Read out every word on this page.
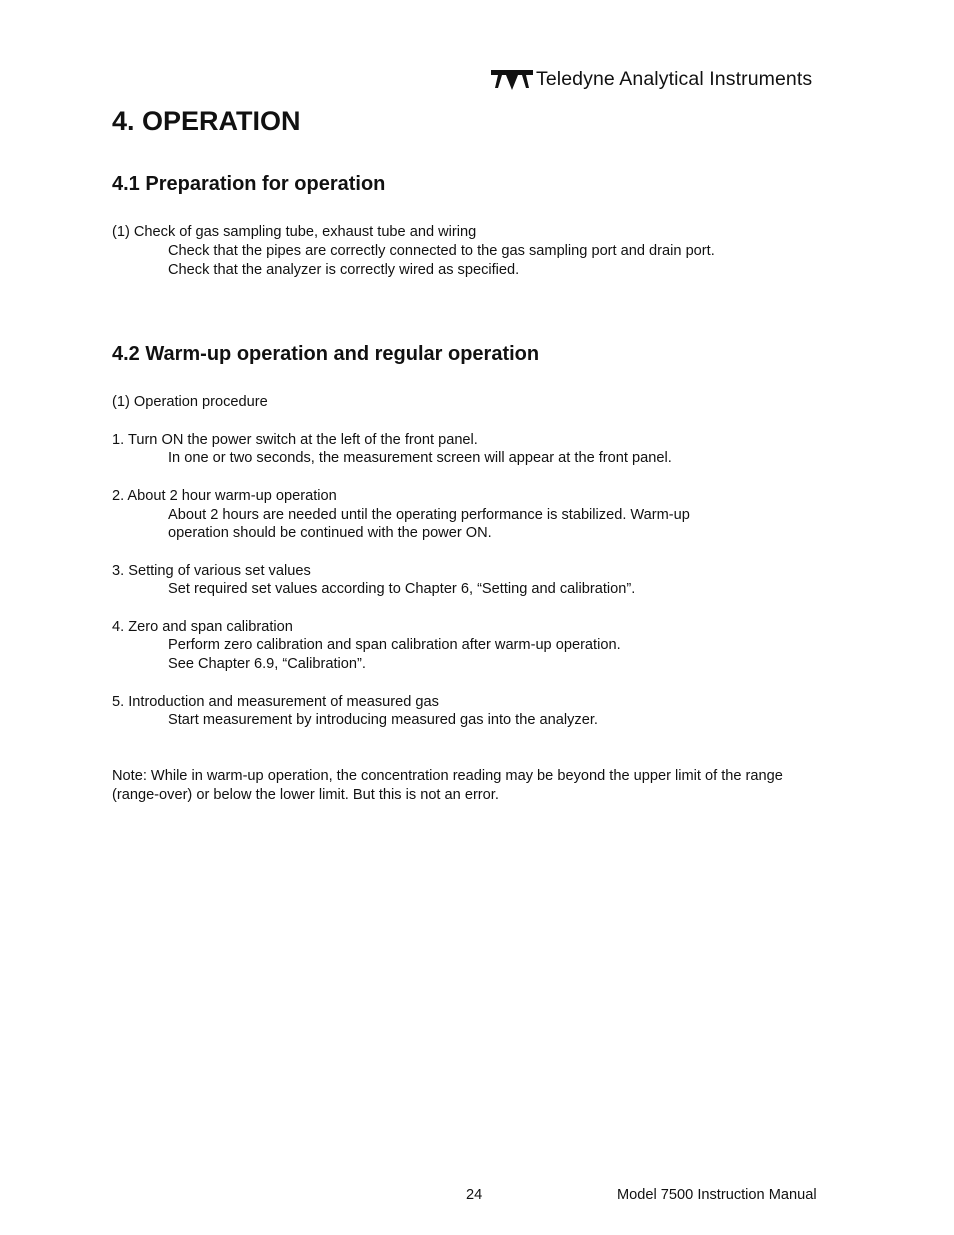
Teledyne Analytical Instruments
4. OPERATION
4.1 Preparation for operation
(1) Check of gas sampling tube, exhaust tube and wiring
Check that the pipes are correctly connected to the gas sampling port and drain port.
Check that the analyzer is correctly wired as specified.
4.2 Warm-up operation and regular operation
(1) Operation procedure
1. Turn ON the power switch at the left of the front panel.
In one or two seconds, the measurement screen will appear at the front panel.
2. About 2 hour warm-up operation
About 2 hours are needed until the operating performance is stabilized. Warm-up
operation should be continued with the power ON.
3. Setting of various set values
Set required set values according to Chapter 6, “Setting and calibration”.
4. Zero and span calibration
Perform zero calibration and span calibration after warm-up operation.
See Chapter 6.9, “Calibration”.
5. Introduction and measurement of measured gas
Start measurement by introducing measured gas into the analyzer.
Note: While in warm-up operation, the concentration reading may be beyond the upper limit of the range
(range-over) or below the lower limit. But this is not an error.
24	Model 7500 Instruction Manual
